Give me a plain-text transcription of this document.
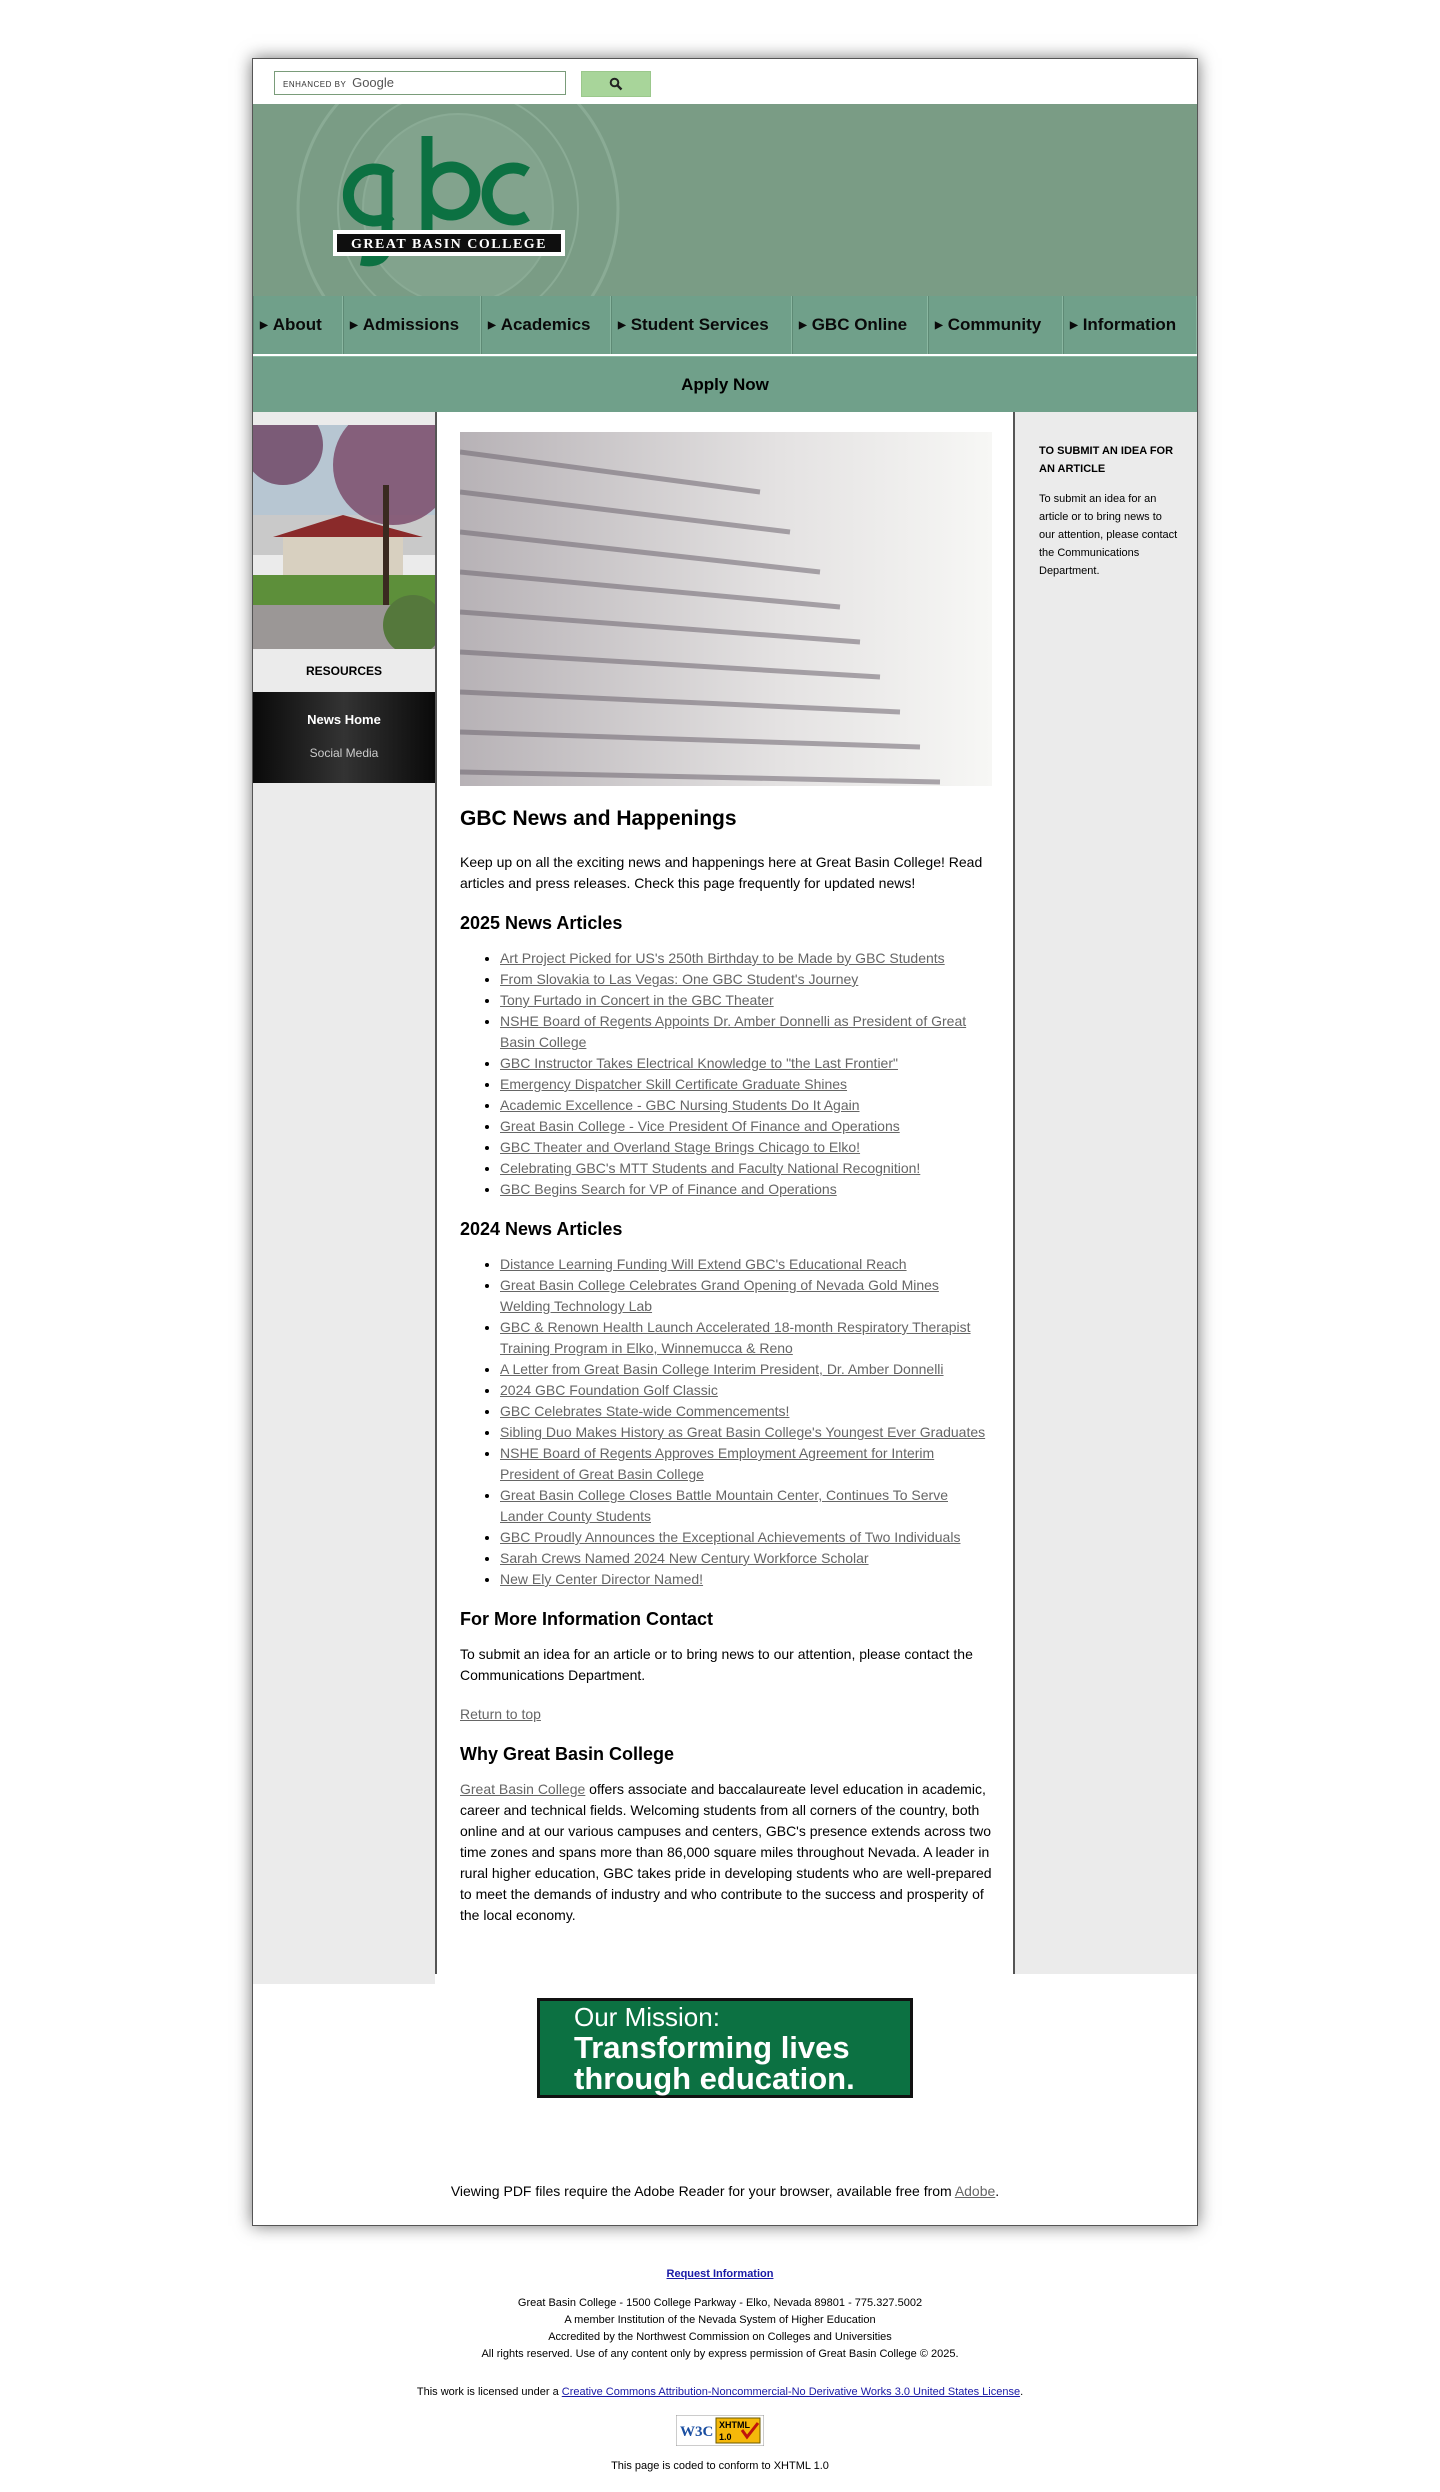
ENHANCED BY Google
GREAT BASIN COLLEGE
▶ About	▶ Admissions	▶ Academics	▶ Student Services	▶ GBC Online	▶ Community	▶ Information
Apply Now
RESOURCES
News Home
Social Media
GBC News and Happenings

Keep up on all the exciting news and happenings here at Great Basin College! Read articles and press releases. Check this page frequently for updated news!

2025 News Articles
• Art Project Picked for US's 250th Birthday to be Made by GBC Students
• From Slovakia to Las Vegas: One GBC Student's Journey
• Tony Furtado in Concert in the GBC Theater
• NSHE Board of Regents Appoints Dr. Amber Donnelli as President of Great Basin College
• GBC Instructor Takes Electrical Knowledge to "the Last Frontier"
• Emergency Dispatcher Skill Certificate Graduate Shines
• Academic Excellence - GBC Nursing Students Do It Again
• Great Basin College - Vice President Of Finance and Operations
• GBC Theater and Overland Stage Brings Chicago to Elko!
• Celebrating GBC's MTT Students and Faculty National Recognition!
• GBC Begins Search for VP of Finance and Operations
2024 News Articles
• Distance Learning Funding Will Extend GBC's Educational Reach
• Great Basin College Celebrates Grand Opening of Nevada Gold Mines Welding Technology Lab
• GBC & Renown Health Launch Accelerated 18-month Respiratory Therapist Training Program in Elko, Winnemucca & Reno
• A Letter from Great Basin College Interim President, Dr. Amber Donnelli
• 2024 GBC Foundation Golf Classic
• GBC Celebrates State-wide Commencements!
• Sibling Duo Makes History as Great Basin College's Youngest Ever Graduates
• NSHE Board of Regents Approves Employment Agreement for Interim President of Great Basin College
• Great Basin College Closes Battle Mountain Center, Continues To Serve Lander County Students
• GBC Proudly Announces the Exceptional Achievements of Two Individuals
• Sarah Crews Named 2024 New Century Workforce Scholar
• New Ely Center Director Named!
For More Information Contact

To submit an idea for an article or to bring news to our attention, please contact the Communications Department.

Return to top

Why Great Basin College

Great Basin College offers associate and baccalaureate level education in academic, career and technical fields. Welcoming students from all corners of the country, both online and at our various campuses and centers, GBC's presence extends across two time zones and spans more than 86,000 square miles throughout Nevada. A leader in rural higher education, GBC takes pride in developing students who are well-prepared to meet the demands of industry and who contribute to the success and prosperity of the local economy.

TO SUBMIT AN IDEA FOR AN ARTICLE
To submit an idea for an article or to bring news to our attention, please contact the Communications Department.
Our Mission:
Transforming lives
through education.
Viewing PDF files require the Adobe Reader for your browser, available free from Adobe.
Request Information
Great Basin College - 1500 College Parkway - Elko, Nevada 89801 - 775.327.5002
A member Institution of the Nevada System of Higher Education
Accredited by the Northwest Commission on Colleges and Universities
All rights reserved. Use of any content only by express permission of Great Basin College © 2025.
This work is licensed under a Creative Commons Attribution-Noncommercial-No Derivative Works 3.0 United States License.
W3C XHTML
1.0
This page is coded to conform to XHTML 1.0
